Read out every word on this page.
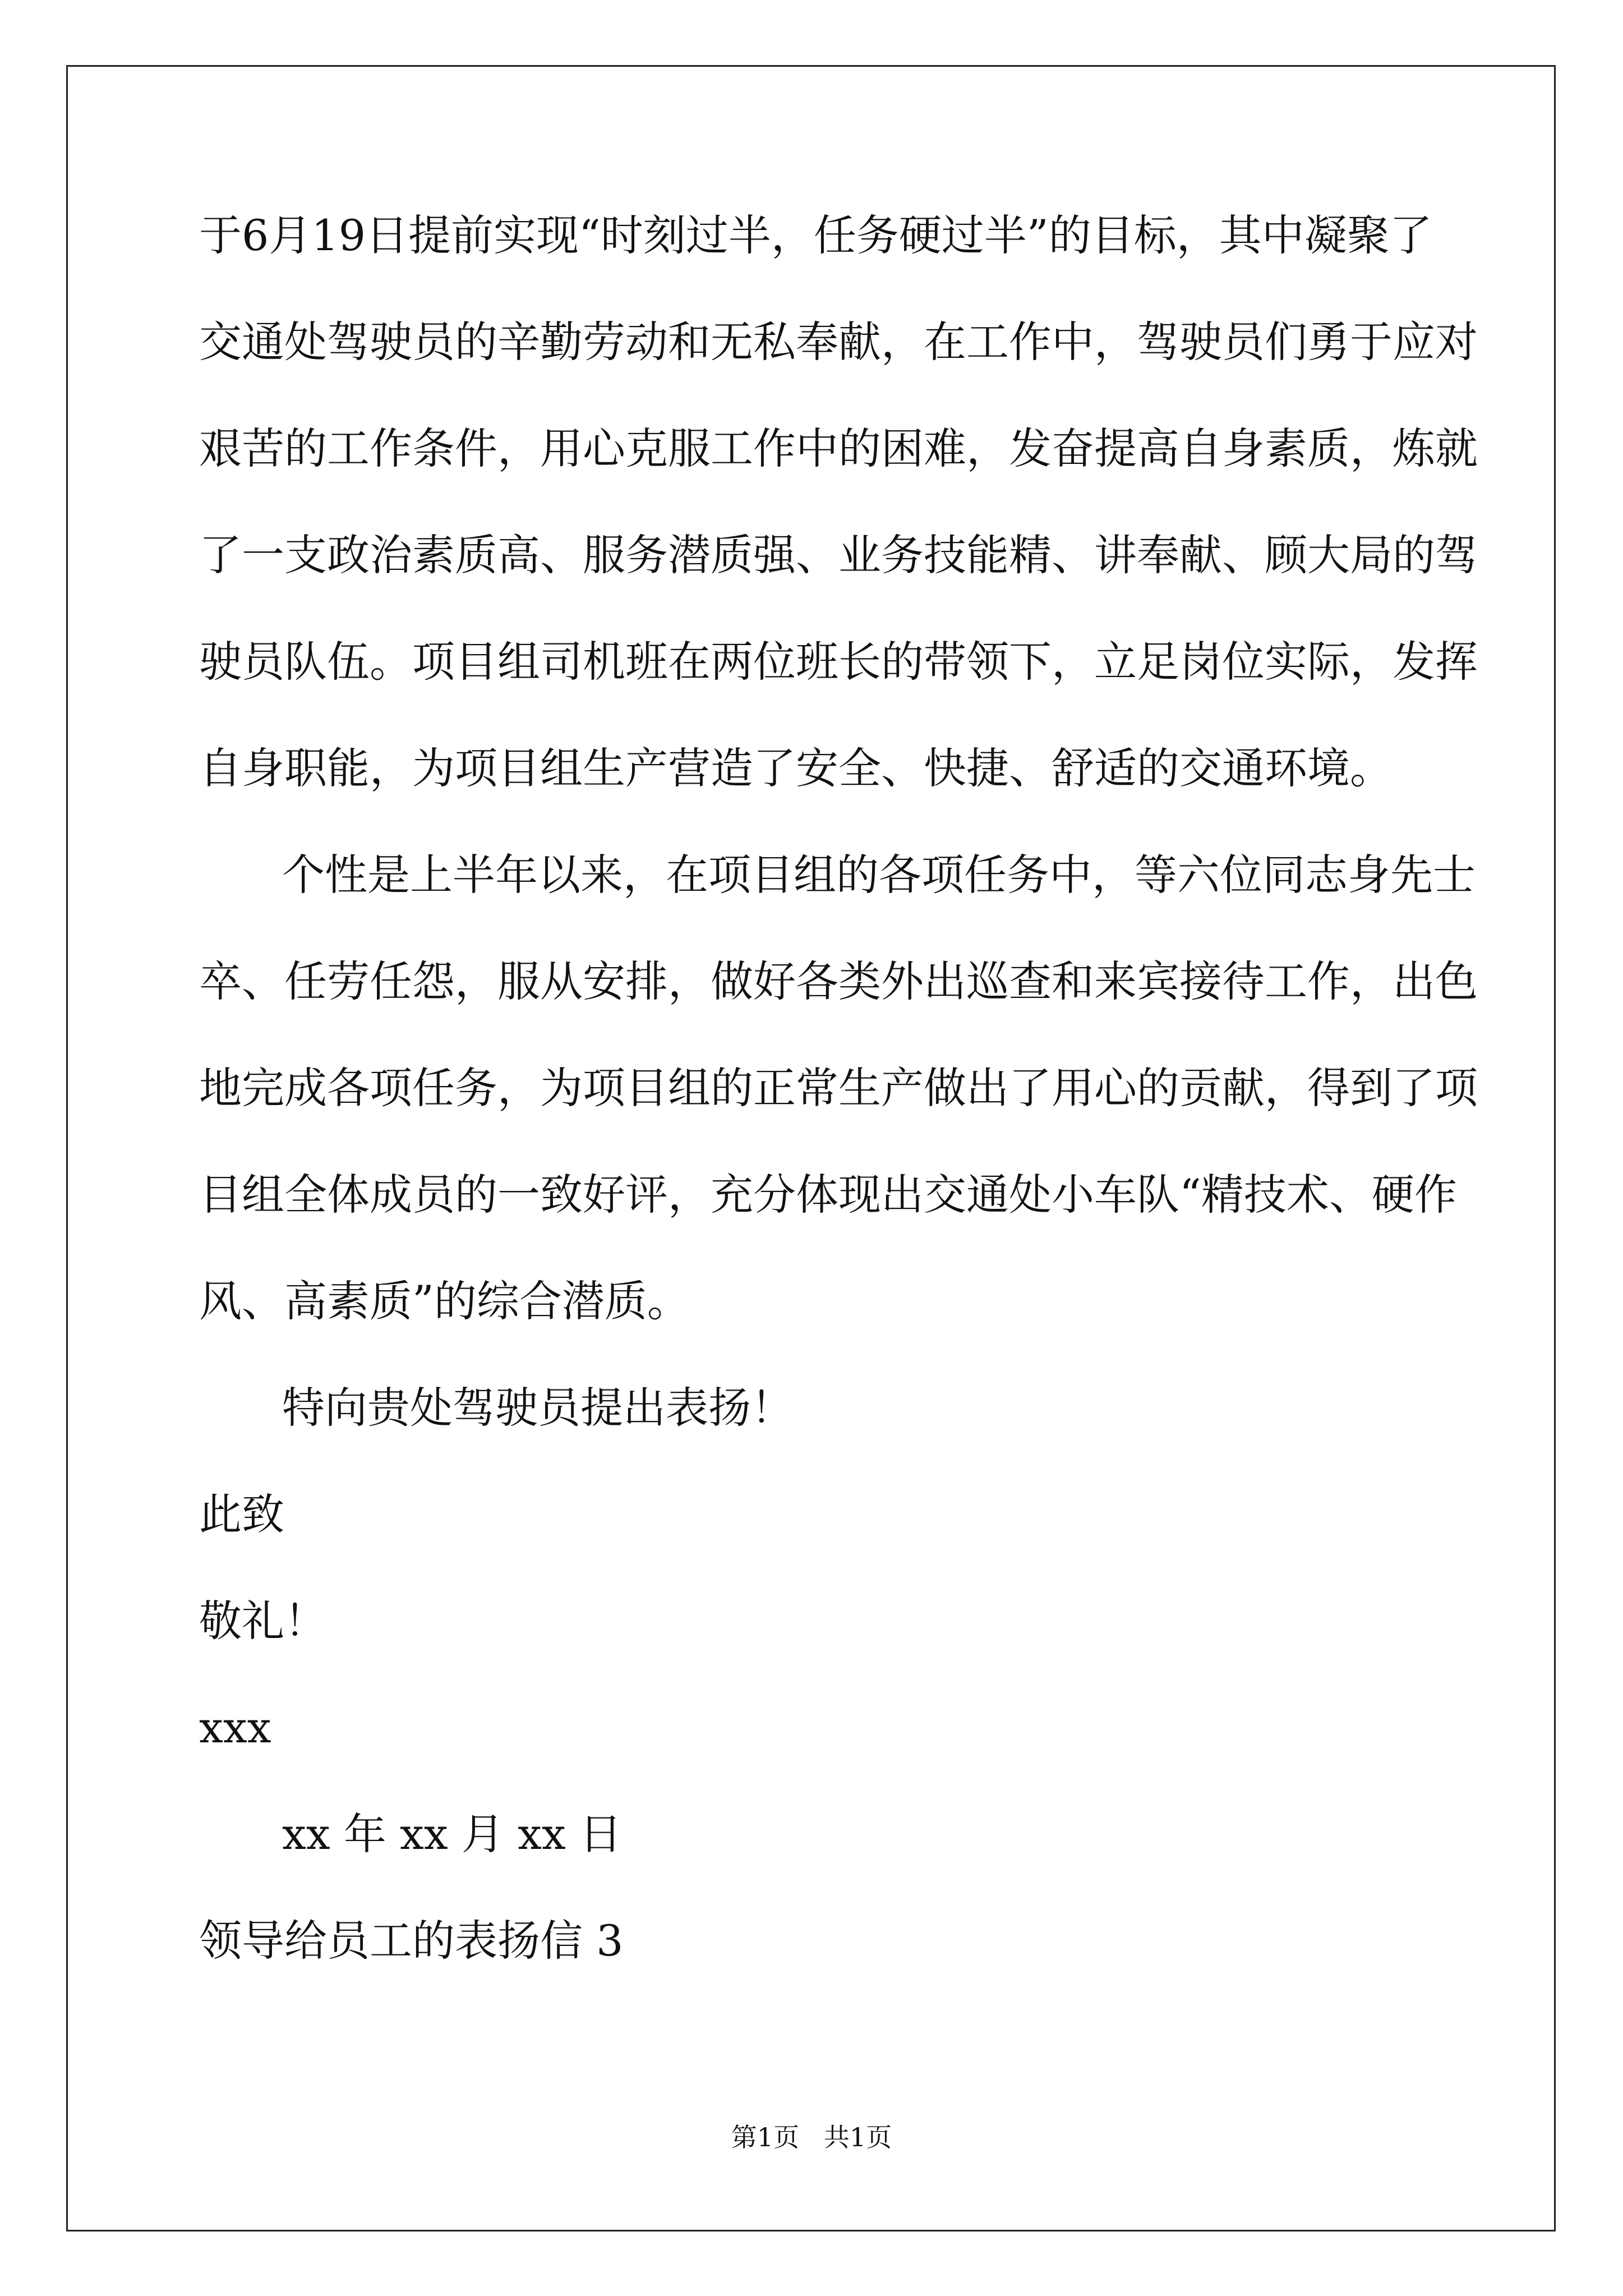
于6月19日提前实现“时刻过半，任务硬过半”的目标，其中凝聚了
交通处驾驶员的辛勤劳动和无私奉献，在工作中，驾驶员们勇于应对
艰苦的工作条件，用心克服工作中的困难，发奋提高自身素质，炼就
了一支政治素质高、服务潜质强、业务技能精、讲奉献、顾大局的驾
驶员队伍。项目组司机班在两位班长的带领下，立足岗位实际，发挥
自身职能，为项目组生产营造了安全、快捷、舒适的交通环境。
个性是上半年以来，在项目组的各项任务中，等六位同志身先士
卒、任劳任怨，服从安排，做好各类外出巡查和来宾接待工作，出色
地完成各项任务，为项目组的正常生产做出了用心的贡献，得到了项
目组全体成员的一致好评，充分体现出交通处小车队“精技术、硬作
风、高素质”的综合潜质。
特向贵处驾驶员提出表扬！
此致
敬礼！
xxx
xx 年 xx 月 xx 日
领导给员工的表扬信 3
第1页   共1页
